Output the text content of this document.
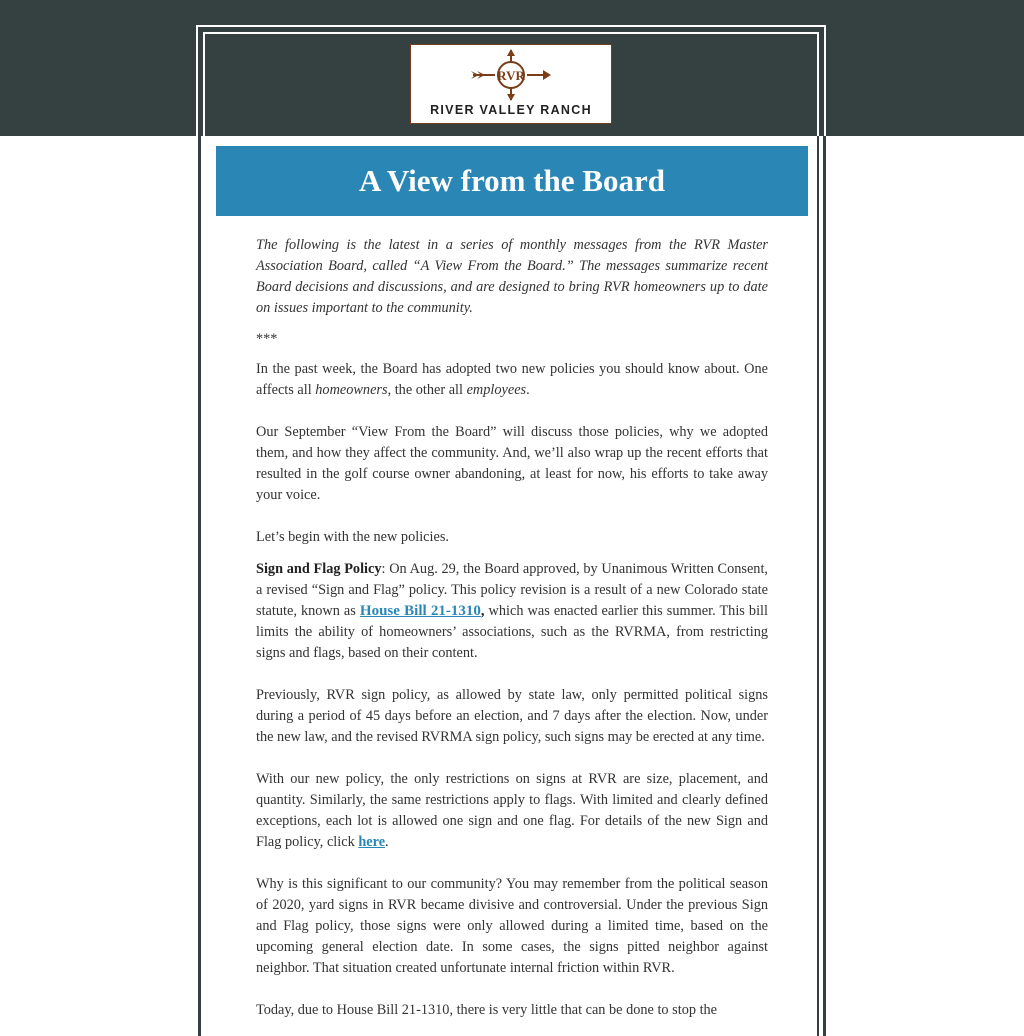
RVR
RIVER VALLEY RANCH
A View from the Board

The following is the latest in a series of monthly messages from the RVR Master Association Board, called “A View From the Board.” The messages summarize recent Board decisions and discussions, and are designed to bring RVR homeowners up to date on issues important to the community.

***

In the past week, the Board has adopted two new policies you should know about. One affects all homeowners, the other all employees.

Our September “View From the Board” will discuss those policies, why we adopted them, and how they affect the community. And, we’ll also wrap up the recent efforts that resulted in the golf course owner abandoning, at least for now, his efforts to take away your voice.

Let’s begin with the new policies.

Sign and Flag Policy: On Aug. 29, the Board approved, by Unanimous Written Consent, a revised “Sign and Flag” policy. This policy revision is a result of a new Colorado state statute, known as House Bill 21-1310, which was enacted earlier this summer. This bill limits the ability of homeowners’ associations, such as the RVRMA, from restricting signs and flags, based on their content.

Previously, RVR sign policy, as allowed by state law, only permitted political signs during a period of 45 days before an election, and 7 days after the election. Now, under the new law, and the revised RVRMA sign policy, such signs may be erected at any time.

With our new policy, the only restrictions on signs at RVR are size, placement, and quantity. Similarly, the same restrictions apply to flags. With limited and clearly defined exceptions, each lot is allowed one sign and one flag. For details of the new Sign and Flag policy, click here.

Why is this significant to our community? You may remember from the political season of 2020, yard signs in RVR became divisive and controversial. Under the previous Sign and Flag policy, those signs were only allowed during a limited time, based on the upcoming general election date. In some cases, the signs pitted neighbor against neighbor. That situation created unfortunate internal friction within RVR.

Today, due to House Bill 21-1310, there is very little that can be done to stop the
